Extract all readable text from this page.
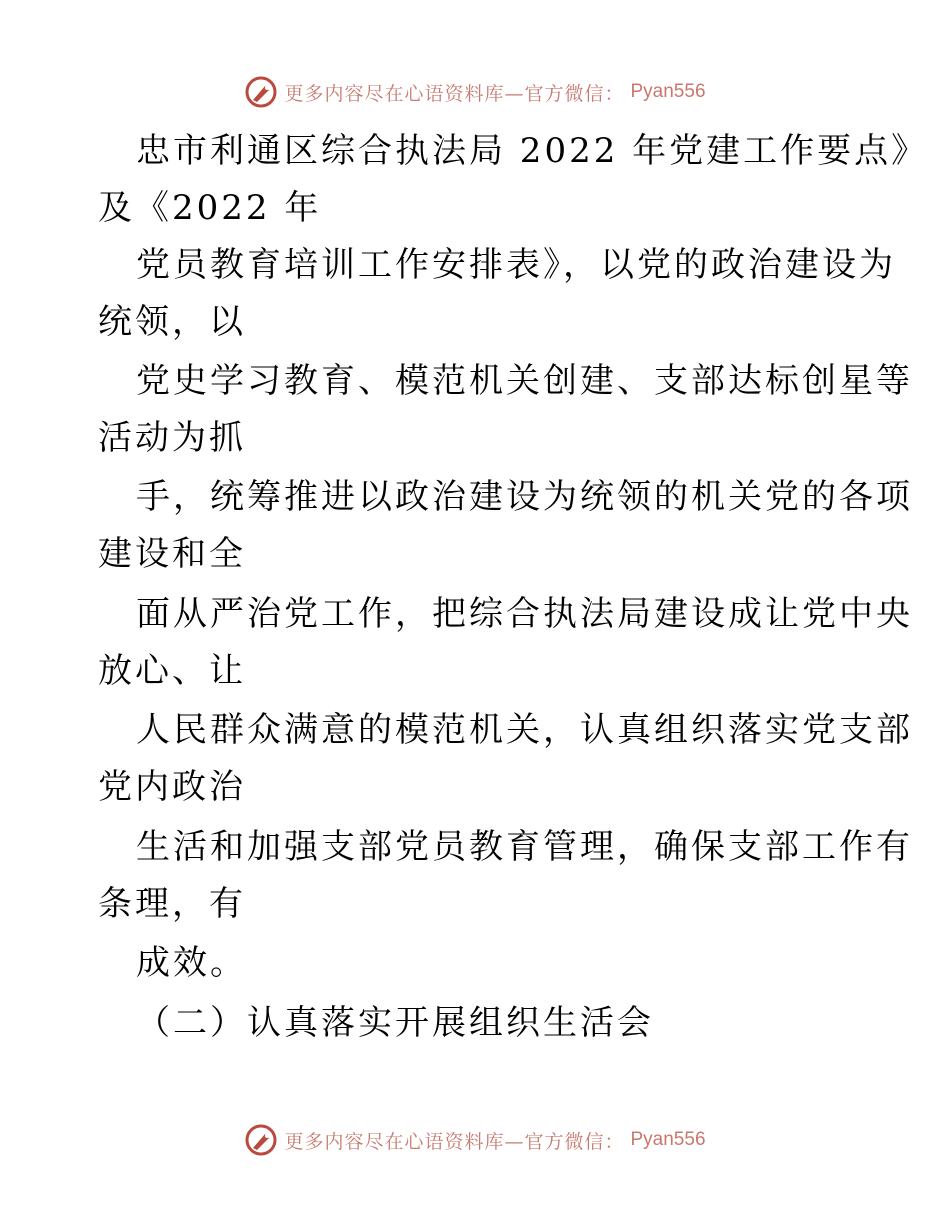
更多内容尽在心语资料库—官方微信： Pyan556
忠市利通区综合执法局 2022 年党建工作要点》
及《2022 年
党员教育培训工作安排表》，以党的政治建设为
统领，以
党史学习教育、模范机关创建、支部达标创星等
活动为抓
手，统筹推进以政治建设为统领的机关党的各项
建设和全
面从严治党工作，把综合执法局建设成让党中央
放心、让
人民群众满意的模范机关，认真组织落实党支部
党内政治
生活和加强支部党员教育管理，确保支部工作有
条理，有
成效。
（二）认真落实开展组织生活会
更多内容尽在心语资料库—官方微信： Pyan556
